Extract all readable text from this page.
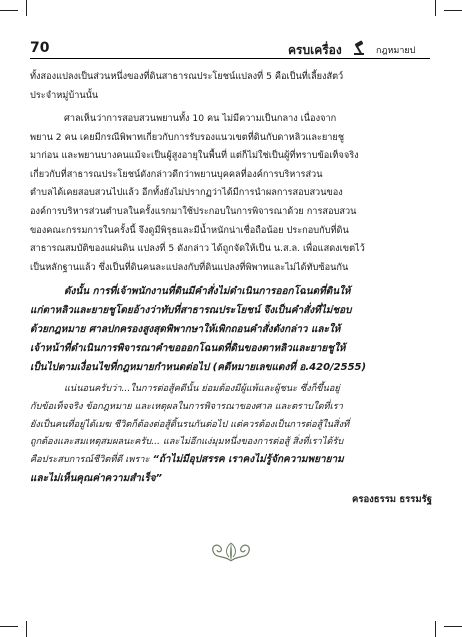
70	ครบเครื่อง	กฎหมายป
ทั้งสองแปลงเป็นส่วนหนึ่งของที่ดินสาธารณประโยชน์แปลงที่ 5 คือเป็นที่เลี้ยงสัตว์
ประจำหมู่บ้านนั้น
ศาลเห็นว่าการสอบสวนพยานทั้ง 10 คน ไม่มีความเป็นกลาง เนื่องจาก
พยาน 2 คน เคยมีกรณีพิพาทเกี่ยวกับการรับรองแนวเขตที่ดินกับดาหลิวและยายชู
มาก่อน และพยานบางคนแม้จะเป็นผู้สูงอายุในพื้นที่ แต่ก็ไม่ใช่เป็นผู้ที่ทราบข้อเท็จจริง
เกี่ยวกับที่สาธารณประโยชน์ดังกล่าวดีกว่าพยานบุคคลที่องค์การบริหารส่วน
ตำบลได้เคยสอบสวนไปแล้ว อีกทั้งยังไม่ปรากฏว่าได้มีการนำผลการสอบสวนของ
องค์การบริหารส่วนตำบลในครั้งแรกมาใช้ประกอบในการพิจารณาด้วย การสอบสวน
ของคณะกรรมการในครั้งนี้ จึงดูมีพิรุธและมีน้ำหนักน่าเชื่อถือน้อย ประกอบกับที่ดิน
สาธารณสมบัติของแผ่นดิน แปลงที่ 5 ดังกล่าว ได้ถูกจัดให้เป็น น.ส.ล. เพื่อแสดงเขตไว้
เป็นหลักฐานแล้ว ซึ่งเป็นที่ดินคนละแปลงกับที่ดินแปลงที่พิพาทและไม่ได้ทับซ้อนกัน
ดังนั้น การที่เจ้าพนักงานที่ดินมีคำสั่งไม่ดำเนินการออกโฉนดที่ดินให้
แก่ตาหลิวและยายชูโดยอ้างว่าทับที่สาธารณประโยชน์ จึงเป็นคำสั่งที่ไม่ชอบ
ด้วยกฎหมาย ศาลปกครองสูงสุดพิพากษาให้เพิกถอนคำสั่งดังกล่าว และให้
เจ้าหน้าที่ดำเนินการพิจารณาคำขอออกโฉนดที่ดินของตาหลิวและยายชูให้
เป็นไปตามเงื่อนไขที่กฎหมายกำหนดต่อไป (คดีหมายเลขแดงที่ อ.420/2555)
แน่นอนครับว่า...ในการต่อสู้คดีนั้น ย่อมต้องมีผู้แพ้และผู้ชนะ ซึ่งก็ขึ้นอยู่
กับข้อเท็จจริง ข้อกฎหมาย และเหตุผลในการพิจารณาของศาล และตราบใดที่เรา
ยังเป็นคนที่อยู่ได้เมฆ ชีวิตก็ต้องต่อสู้ดิ้นรนกันต่อไป แต่ควรต้องเป็นการต่อสู้ในสิ่งที่
ถูกต้องและสมเหตุสมผลนะครับ... และไม่อีกแง่มุมหนึ่งของการต่อสู้ สิ่งที่เราได้รับ
คือประสบการณ์ชีวิตที่ดี เพราะ “ถ้าไม่มีอุปสรรค เราคงไม่รู้จักความพยายาม
และไม่เห็นคุณค่าความสำเร็จ”
ครองธรรม ธรรมรัฐ
